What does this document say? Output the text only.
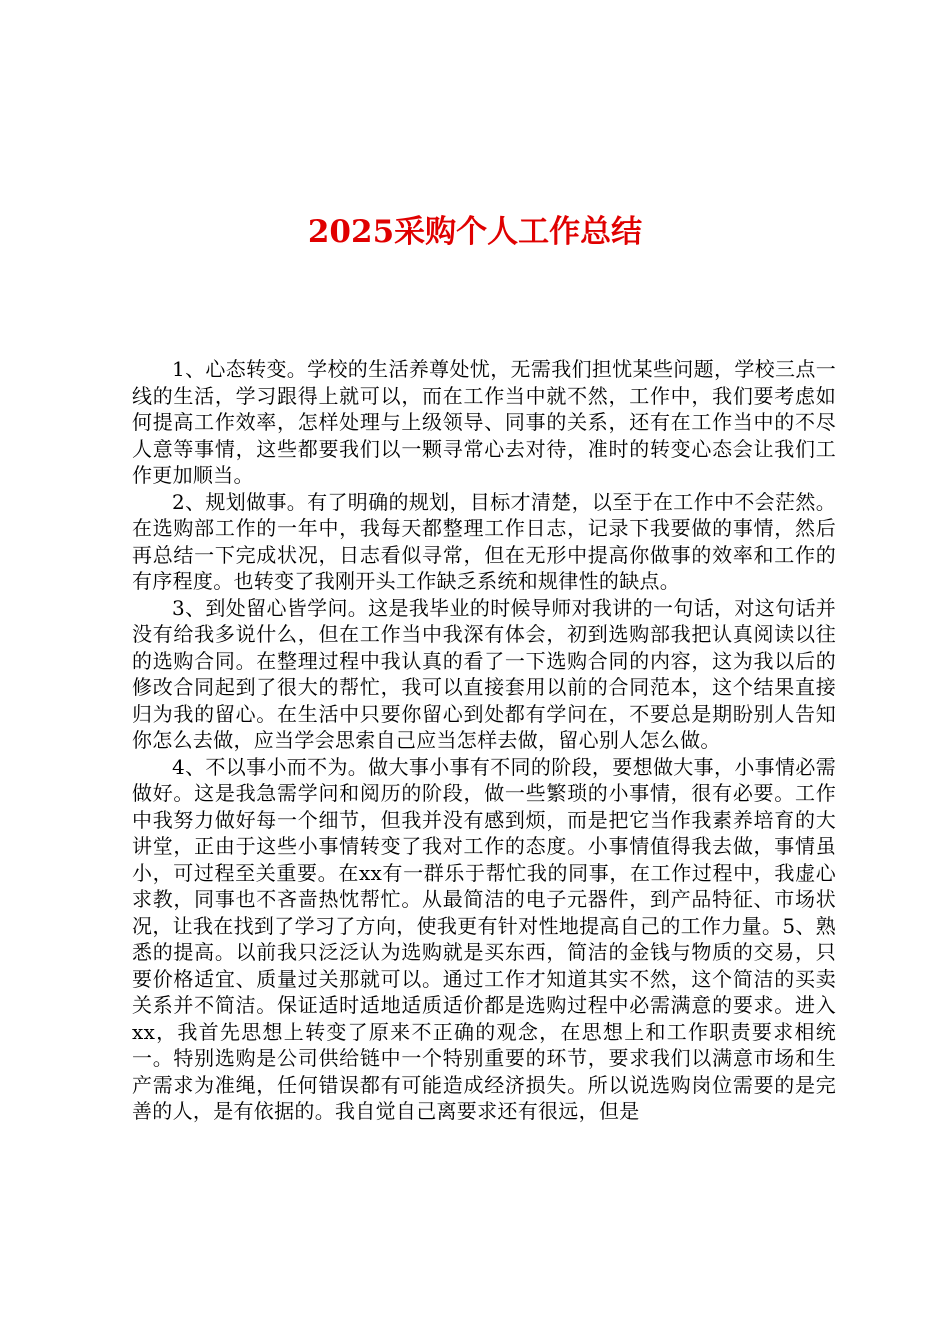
2025采购个人工作总结

1、心态转变。学校的生活养尊处忧，无需我们担忧某些问题，学校三点一线的生活，学习跟得上就可以，而在工作当中就不然，工作中，我们要考虑如何提高工作效率，怎样处理与上级领导、同事的关系，还有在工作当中的不尽人意等事情，这些都要我们以一颗寻常心去对待，准时的转变心态会让我们工作更加顺当。

2、规划做事。有了明确的规划，目标才清楚，以至于在工作中不会茫然。在选购部工作的一年中，我每天都整理工作日志，记录下我要做的事情，然后再总结一下完成状况，日志看似寻常，但在无形中提高你做事的效率和工作的有序程度。也转变了我刚开头工作缺乏系统和规律性的缺点。

3、到处留心皆学问。这是我毕业的时候导师对我讲的一句话，对这句话并没有给我多说什么，但在工作当中我深有体会，初到选购部我把认真阅读以往的选购合同。在整理过程中我认真的看了一下选购合同的内容，这为我以后的修改合同起到了很大的帮忙，我可以直接套用以前的合同范本，这个结果直接归为我的留心。在生活中只要你留心到处都有学问在，不要总是期盼别人告知你怎么去做，应当学会思索自己应当怎样去做，留心别人怎么做。

4、不以事小而不为。做大事小事有不同的阶段，要想做大事，小事情必需做好。这是我急需学问和阅历的阶段，做一些繁琐的小事情，很有必要。工作中我努力做好每一个细节，但我并没有感到烦，而是把它当作我素养培育的大讲堂，正由于这些小事情转变了我对工作的态度。小事情值得我去做，事情虽小，可过程至关重要。在xx有一群乐于帮忙我的同事，在工作过程中，我虚心求教，同事也不吝啬热忱帮忙。从最简洁的电子元器件，到产品特征、市场状况，让我在找到了学习了方向，使我更有针对性地提高自己的工作力量。5、熟悉的提高。以前我只泛泛认为选购就是买东西，简洁的金钱与物质的交易，只要价格适宜、质量过关那就可以。通过工作才知道其实不然，这个简洁的买卖关系并不简洁。保证适时适地适质适价都是选购过程中必需满意的要求。进入xx，我首先思想上转变了原来不正确的观念，在思想上和工作职责要求相统一。特别选购是公司供给链中一个特别重要的环节，要求我们以满意市场和生产需求为准绳，任何错误都有可能造成经济损失。所以说选购岗位需要的是完善的人，是有依据的。我自觉自己离要求还有很远，但是
